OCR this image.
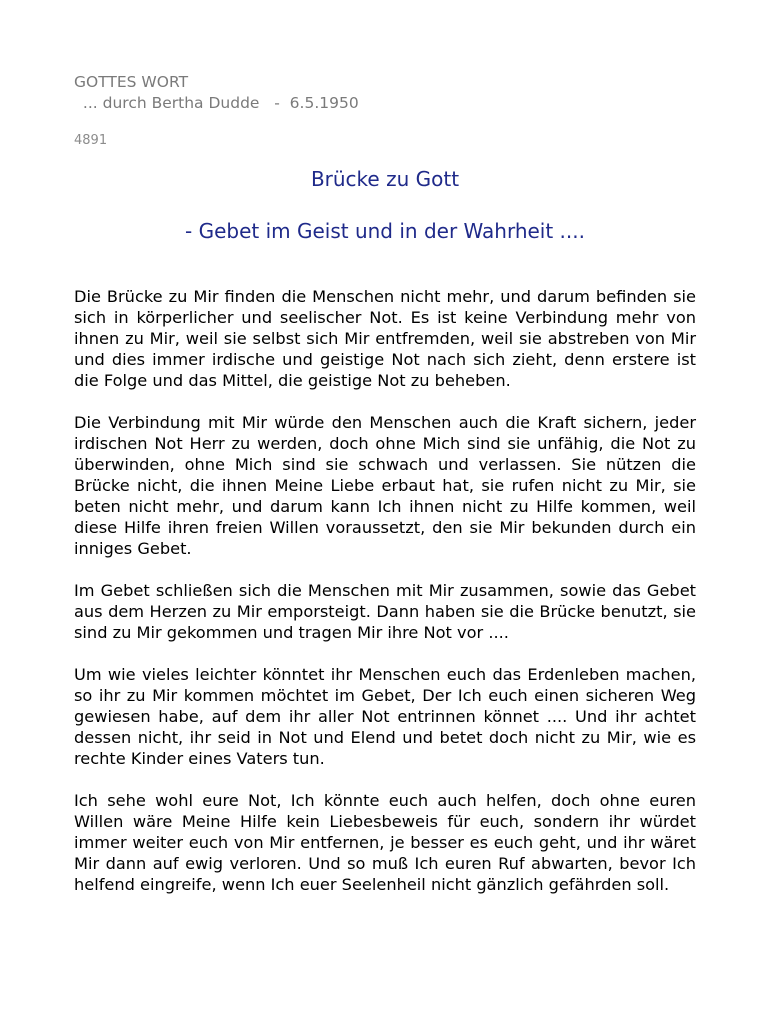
GOTTES WORT

... durch Bertha Dudde   -  6.5.1950

4891

Brücke zu Gott

- Gebet im Geist und in der Wahrheit ....

Die Brücke zu Mir finden die Menschen nicht mehr, und darum befinden sie sich in körperlicher und seelischer Not. Es ist keine Verbindung mehr von ihnen zu Mir, weil sie selbst sich Mir entfremden, weil sie abstreben von Mir und dies immer irdische und geistige Not nach sich zieht, denn erstere ist die Folge und das Mittel, die geistige Not zu beheben.

Die Verbindung mit Mir würde den Menschen auch die Kraft sichern, jeder irdischen Not Herr zu werden, doch ohne Mich sind sie unfähig, die Not zu überwinden, ohne Mich sind sie schwach und verlassen. Sie nützen die Brücke nicht, die ihnen Meine Liebe erbaut hat, sie rufen nicht zu Mir, sie beten nicht mehr, und darum kann Ich ihnen nicht zu Hilfe kommen, weil diese Hilfe ihren freien Willen voraussetzt, den sie Mir bekunden durch ein inniges Gebet.

Im Gebet schließen sich die Menschen mit Mir zusammen, sowie das Gebet aus dem Herzen zu Mir emporsteigt. Dann haben sie die Brücke benutzt, sie sind zu Mir gekommen und tragen Mir ihre Not vor ....

Um wie vieles leichter könntet ihr Menschen euch das Erdenleben machen, so ihr zu Mir kommen möchtet im Gebet, Der Ich euch einen sicheren Weg gewiesen habe, auf dem ihr aller Not entrinnen könnet .... Und ihr achtet dessen nicht, ihr seid in Not und Elend und betet doch nicht zu Mir, wie es rechte Kinder eines Vaters tun.

Ich sehe wohl eure Not, Ich könnte euch auch helfen, doch ohne euren Willen wäre Meine Hilfe kein Liebesbeweis für euch, sondern ihr würdet immer weiter euch von Mir entfernen, je besser es euch geht, und ihr wäret Mir dann auf ewig verloren. Und so muß Ich euren Ruf abwarten, bevor Ich helfend eingreife, wenn Ich euer Seelenheil nicht gänzlich gefährden soll.
